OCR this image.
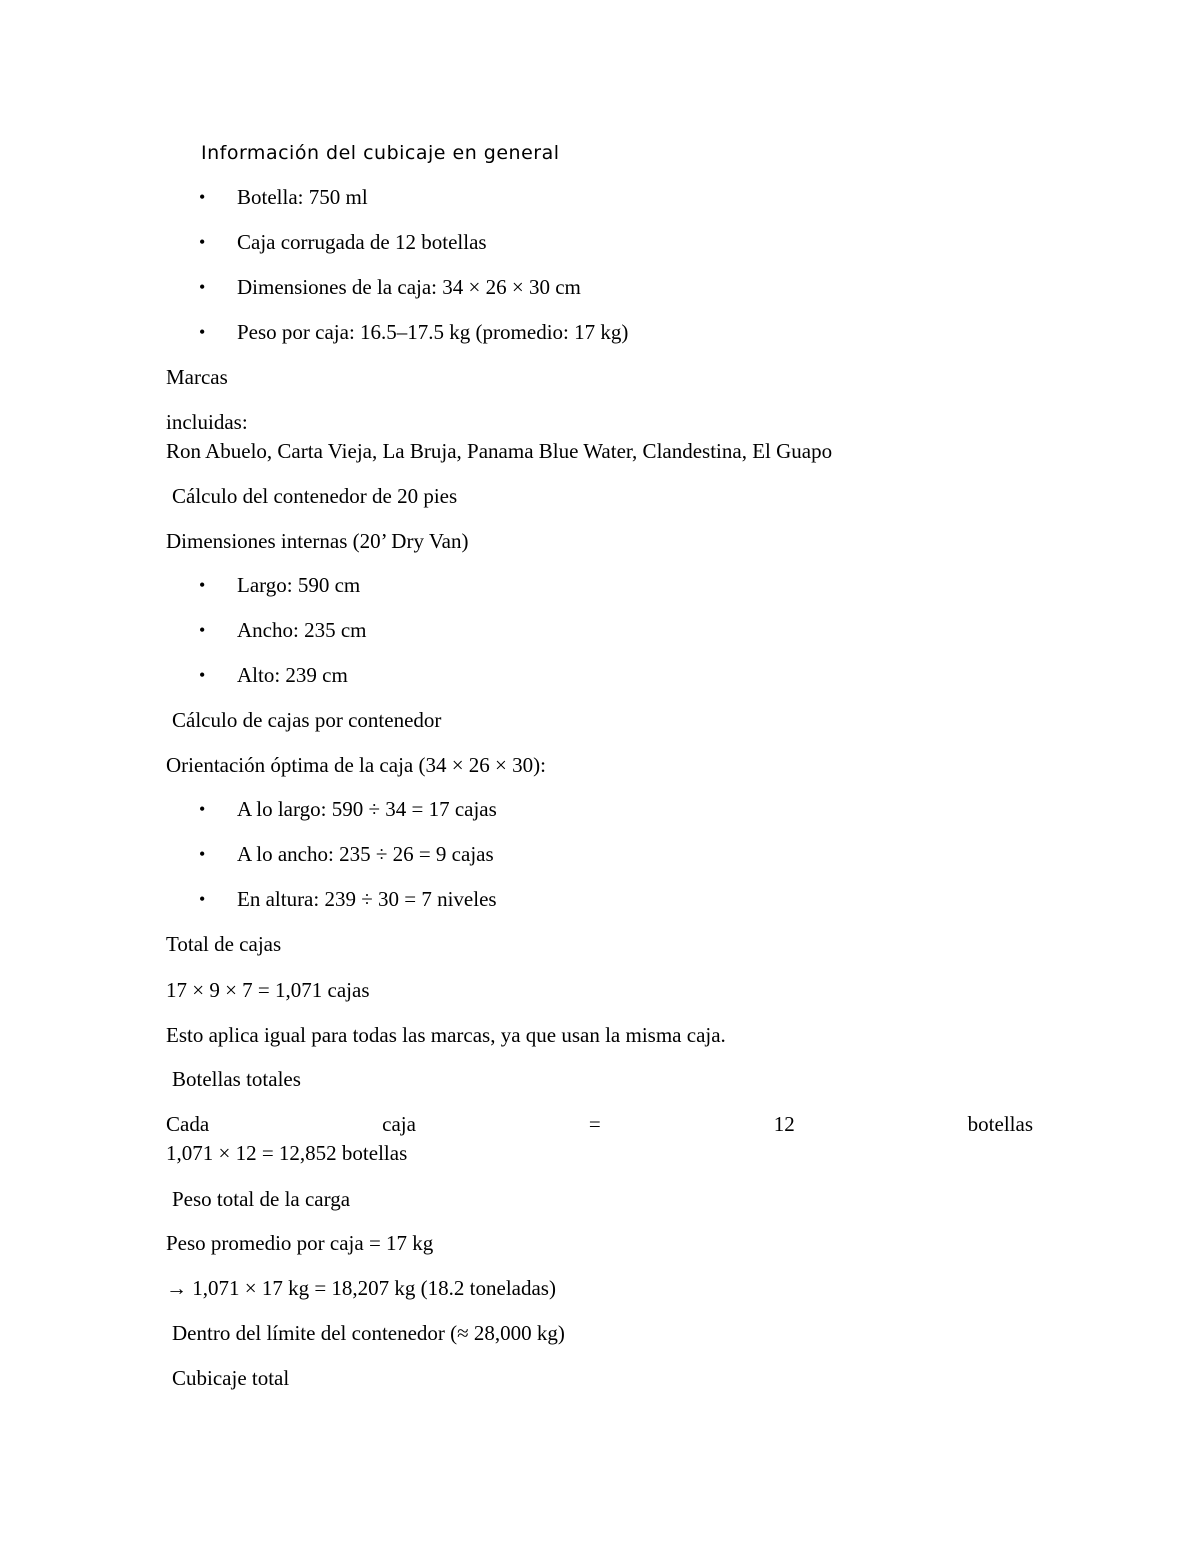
Información del cubicaje en general
• Botella: 750 ml
• Caja corrugada de 12 botellas
• Dimensiones de la caja: 34 × 26 × 30 cm
• Peso por caja: 16.5–17.5 kg (promedio: 17 kg)
Marcas
incluidas:
Ron Abuelo, Carta Vieja, La Bruja, Panama Blue Water, Clandestina, El Guapo
Cálculo del contenedor de 20 pies
Dimensiones internas (20’ Dry Van)
• Largo: 590 cm
• Ancho: 235 cm
• Alto: 239 cm
Cálculo de cajas por contenedor
Orientación óptima de la caja (34 × 26 × 30):
• A lo largo: 590 ÷ 34 = 17 cajas
• A lo ancho: 235 ÷ 26 = 9 cajas
• En altura: 239 ÷ 30 = 7 niveles
Total de cajas
17 × 9 × 7 = 1,071 cajas
Esto aplica igual para todas las marcas, ya que usan la misma caja.
Botellas totales
Cada	caja	=	12	botellas
1,071 × 12 = 12,852 botellas
Peso total de la carga
Peso promedio por caja = 17 kg
→ 1,071 × 17 kg = 18,207 kg (18.2 toneladas)
Dentro del límite del contenedor (≈ 28,000 kg)
Cubicaje total
